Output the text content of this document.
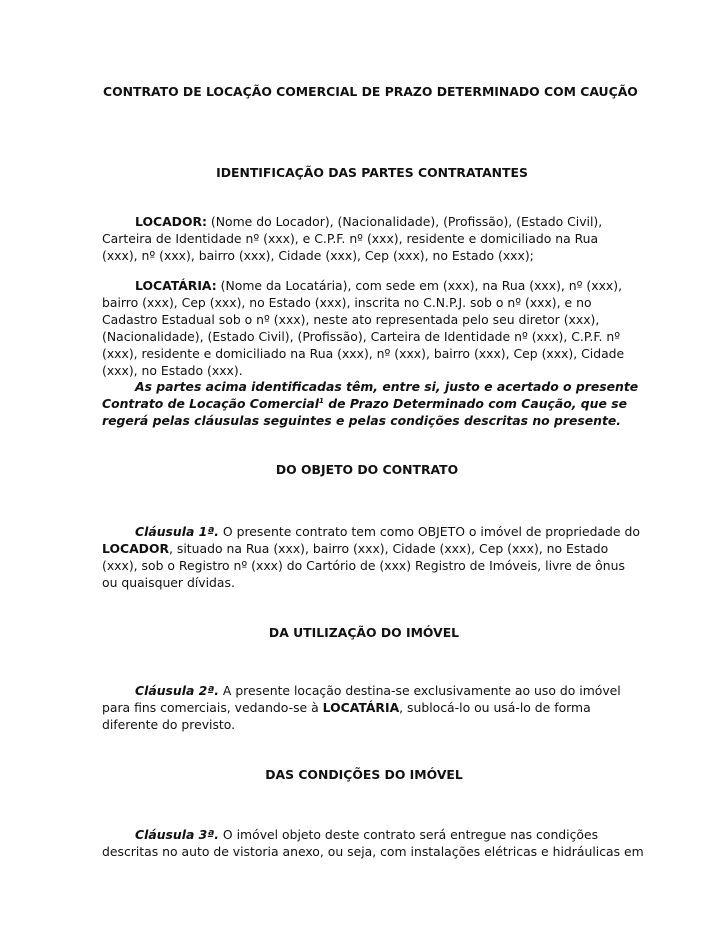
CONTRATO DE LOCAÇÃO COMERCIAL DE PRAZO DETERMINADO COM CAUÇÃO
IDENTIFICAÇÃO DAS PARTES CONTRATANTES

LOCADOR: (Nome do Locador), (Nacionalidade), (Profissão), (Estado Civil),
Carteira de Identidade nº (xxx), e C.P.F. nº (xxx), residente e domiciliado na Rua
(xxx), nº (xxx), bairro (xxx), Cidade (xxx), Cep (xxx), no Estado (xxx);

LOCATÁRIA: (Nome da Locatária), com sede em (xxx), na Rua (xxx), nº (xxx),
bairro (xxx), Cep (xxx), no Estado (xxx), inscrita no C.N.P.J. sob o nº (xxx), e no
Cadastro Estadual sob o nº (xxx), neste ato representada pelo seu diretor (xxx),
(Nacionalidade), (Estado Civil), (Profissão), Carteira de Identidade nº (xxx), C.P.F. nº
(xxx), residente e domiciliado na Rua (xxx), nº (xxx), bairro (xxx), Cep (xxx), Cidade
(xxx), no Estado (xxx).

As partes acima identificadas têm, entre si, justo e acertado o presente
Contrato de Locação Comercial$^1$ de Prazo Determinado com Caução, que se
regerá pelas cláusulas seguintes e pelas condições descritas no presente.

DO OBJETO DO CONTRATO

Cláusula 1ª. O presente contrato tem como OBJETO o imóvel de propriedade do
LOCADOR, situado na Rua (xxx), bairro (xxx), Cidade (xxx), Cep (xxx), no Estado
(xxx), sob o Registro nº (xxx) do Cartório de (xxx) Registro de Imóveis, livre de ônus
ou quaisquer dívidas.

DA UTILIZAÇÃO DO IMÓVEL

Cláusula 2ª. A presente locação destina-se exclusivamente ao uso do imóvel
para fins comerciais, vedando-se à LOCATÁRIA, sublocá-lo ou usá-lo de forma
diferente do previsto.

DAS CONDIÇÕES DO IMÓVEL

Cláusula 3ª. O imóvel objeto deste contrato será entregue nas condições
descritas no auto de vistoria anexo, ou seja, com instalações elétricas e hidráulicas em
